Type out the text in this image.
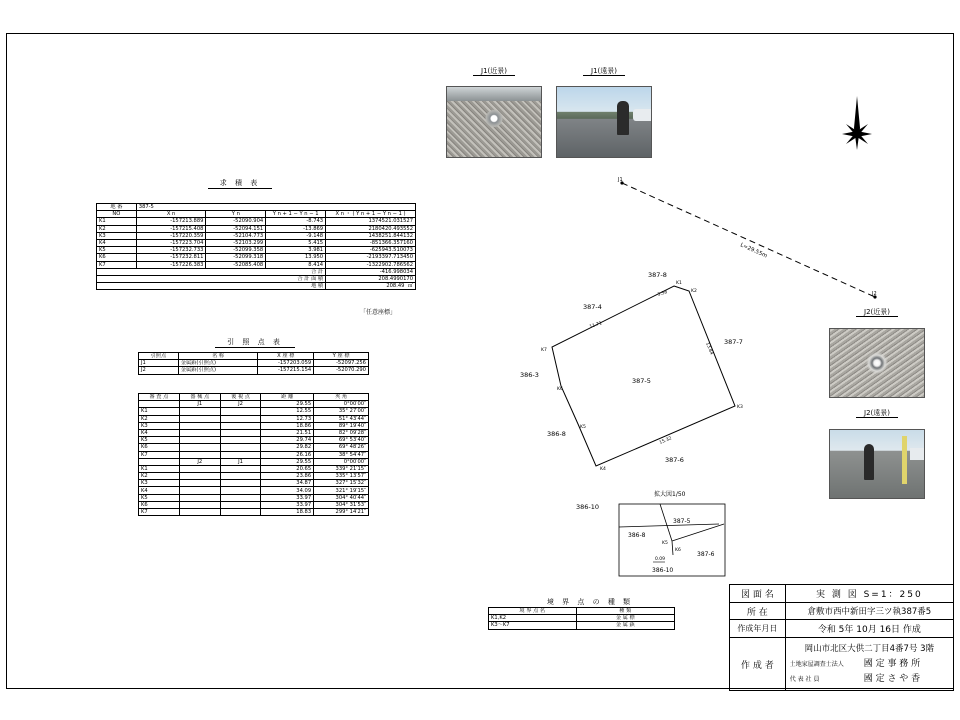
求 積 表
地 番	387-5			
NO	X n	Y n	Y n + 1 − Y n − 1	X n ・ ( Y n + 1 − Y n − 1 )
K1	-157213.889	-52090.904	-8.743	1374521.031527
K2	-157215.408	-52094.151	-13.869	2180420.493552
K3	-157220.359	-52104.773	-9.148	1438251.844132
K4	-157223.704	-52103.299	5.415	-851366.357160
K5	-157232.733	-52099.358	3.981	-625943.510073
K6	-157232.811	-52099.318	13.950	-2193397.713450
K7	-157226.383	-52085.408	8.414	-1322902.786562
合 計				-416.998034
合 計 面 積				208.4990170
地 積				208.49 ㎡
「任意座標」
引 照 点 表
引照点	名 称	X 座 標	Y 座 標
J1	金属鋲(引照点)	-157203.059	-52097.256
J2	金属鋲(引照点)	-157215.154	-52070.290
審 査 点	器 械 点	後 視 点	距 離	夾 角
	J1	J2	29.55	0°00′00″
K1			12.55	35° 27′00″
K2			12.73	51° 43′44″
K3			18.86	89° 19′40″
K4			21.51	82° 09′28″
K5			29.74	69° 53′40″
K6			29.82	69° 48′26″
K7			26.16	38° 54′47″
	J2	J1	29.55	0°00′00″
K1			20.65	339° 21′15″
K2			23.86	335° 13′57″
K3			34.87	327° 15′32″
K4			34.09	321° 19′15″
K5			33.97	304° 40′44″
K6			33.97	304° 31′53″
K7			18.83	299° 14′21″
J1(近景)	J1(遠景)
J2(近景)
J2(遠景)
L=29.55m
J1
J2
K1
K2
K3
K4
K5
K6
K7
3.58
11.71
13.84
15.32
387-5
387-8
387-4
387-7
386-3
386-8
387-6
386-10
拡大図1/50
387-5
386-8
387-6
386-10
K5
K6
0.09
境 界 点 の 種 類
境 界 点 名	種 類
K1,K2	金 属 標
K3〜K7	金 属 鋲
図 面 名	実 測 図 S=1：250
所 在	倉敷市西中新田字三ツ執387番5
作成年月日	令和 5年 10月 16日 作成
作 成 者	岡山市北区大供二丁目4番7号 3階
土地家屋調査士法人 國 定 事 務 所
代 表 社 員 國 定 さ や 香
